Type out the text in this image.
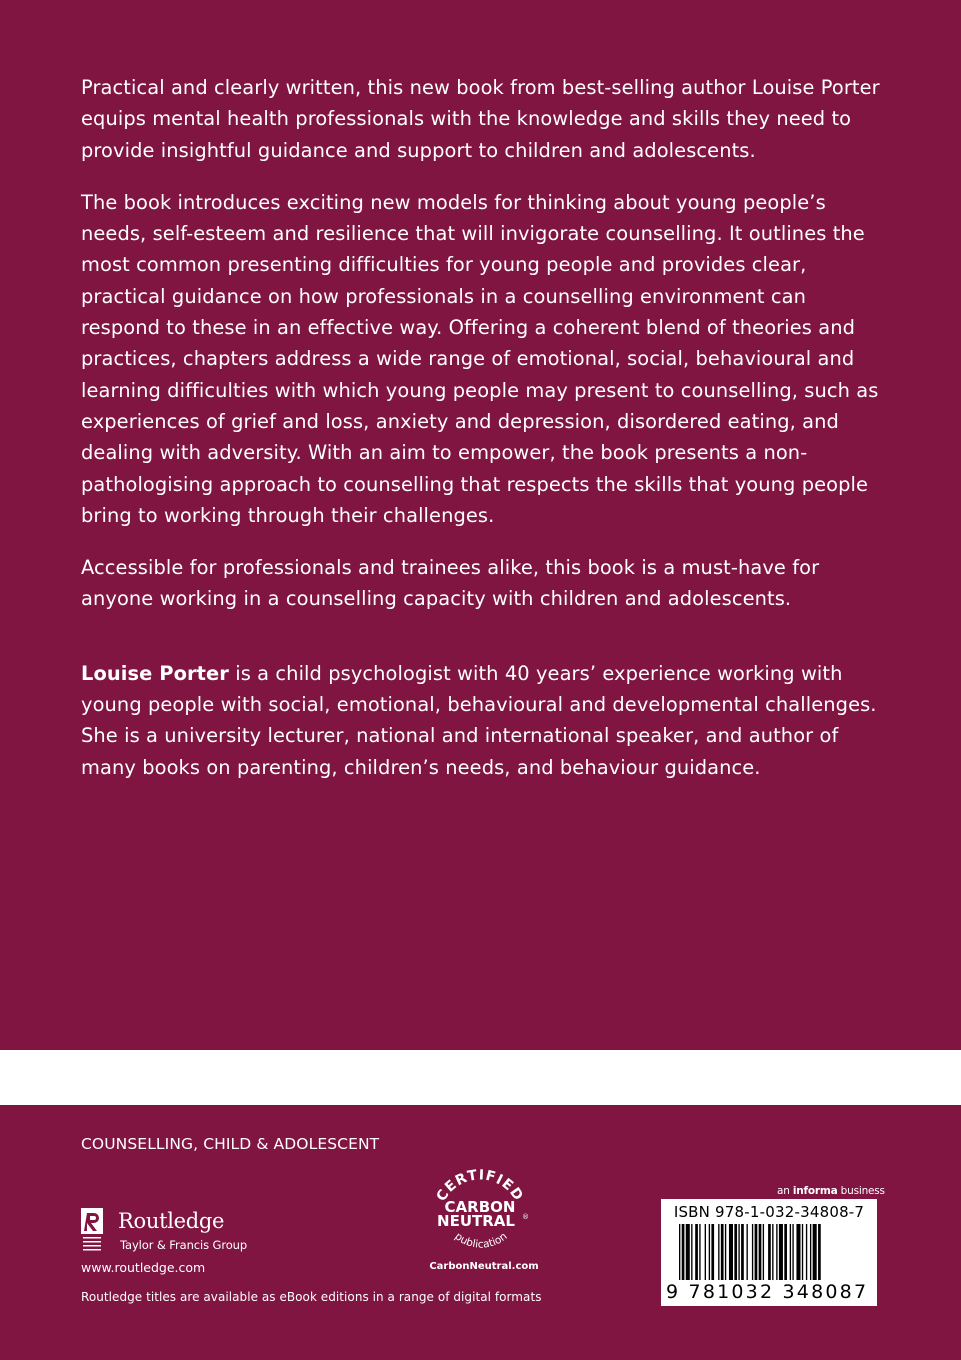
Practical and clearly written, this new book from best-selling author Louise Porter equips mental health professionals with the knowledge and skills they need to provide insightful guidance and support to children and adolescents.

The book introduces exciting new models for thinking about young people’s needs, self-esteem and resilience that will invigorate counselling. It outlines the most common presenting difficulties for young people and provides clear, practical guidance on how professionals in a counselling environment can respond to these in an effective way. Offering a coherent blend of theories and practices, chapters address a wide range of emotional, social, behavioural and learning difficulties with which young people may present to counselling, such as experiences of grief and loss, anxiety and depression, disordered eating, and dealing with adversity. With an aim to empower, the book presents a non-pathologising approach to counselling that respects the skills that young people bring to working through their challenges.

Accessible for professionals and trainees alike, this book is a must-have for anyone working in a counselling capacity with children and adolescents.

Louise Porter is a child psychologist with 40 years’ experience working with young people with social, emotional, behavioural and developmental challenges. She is a university lecturer, national and international speaker, and author of many books on parenting, children’s needs, and behaviour guidance.

COUNSELLING, CHILD & ADOLESCENT
Routledge
Taylor & Francis Group
www.routledge.com
Routledge titles are available as eBook editions in a range of digital formats
CERTIFIED
CARBON
NEUTRAL ®
publication
CarbonNeutral.com
an informa business
ISBN 978-1-032-34808-7
9 781032 348087
